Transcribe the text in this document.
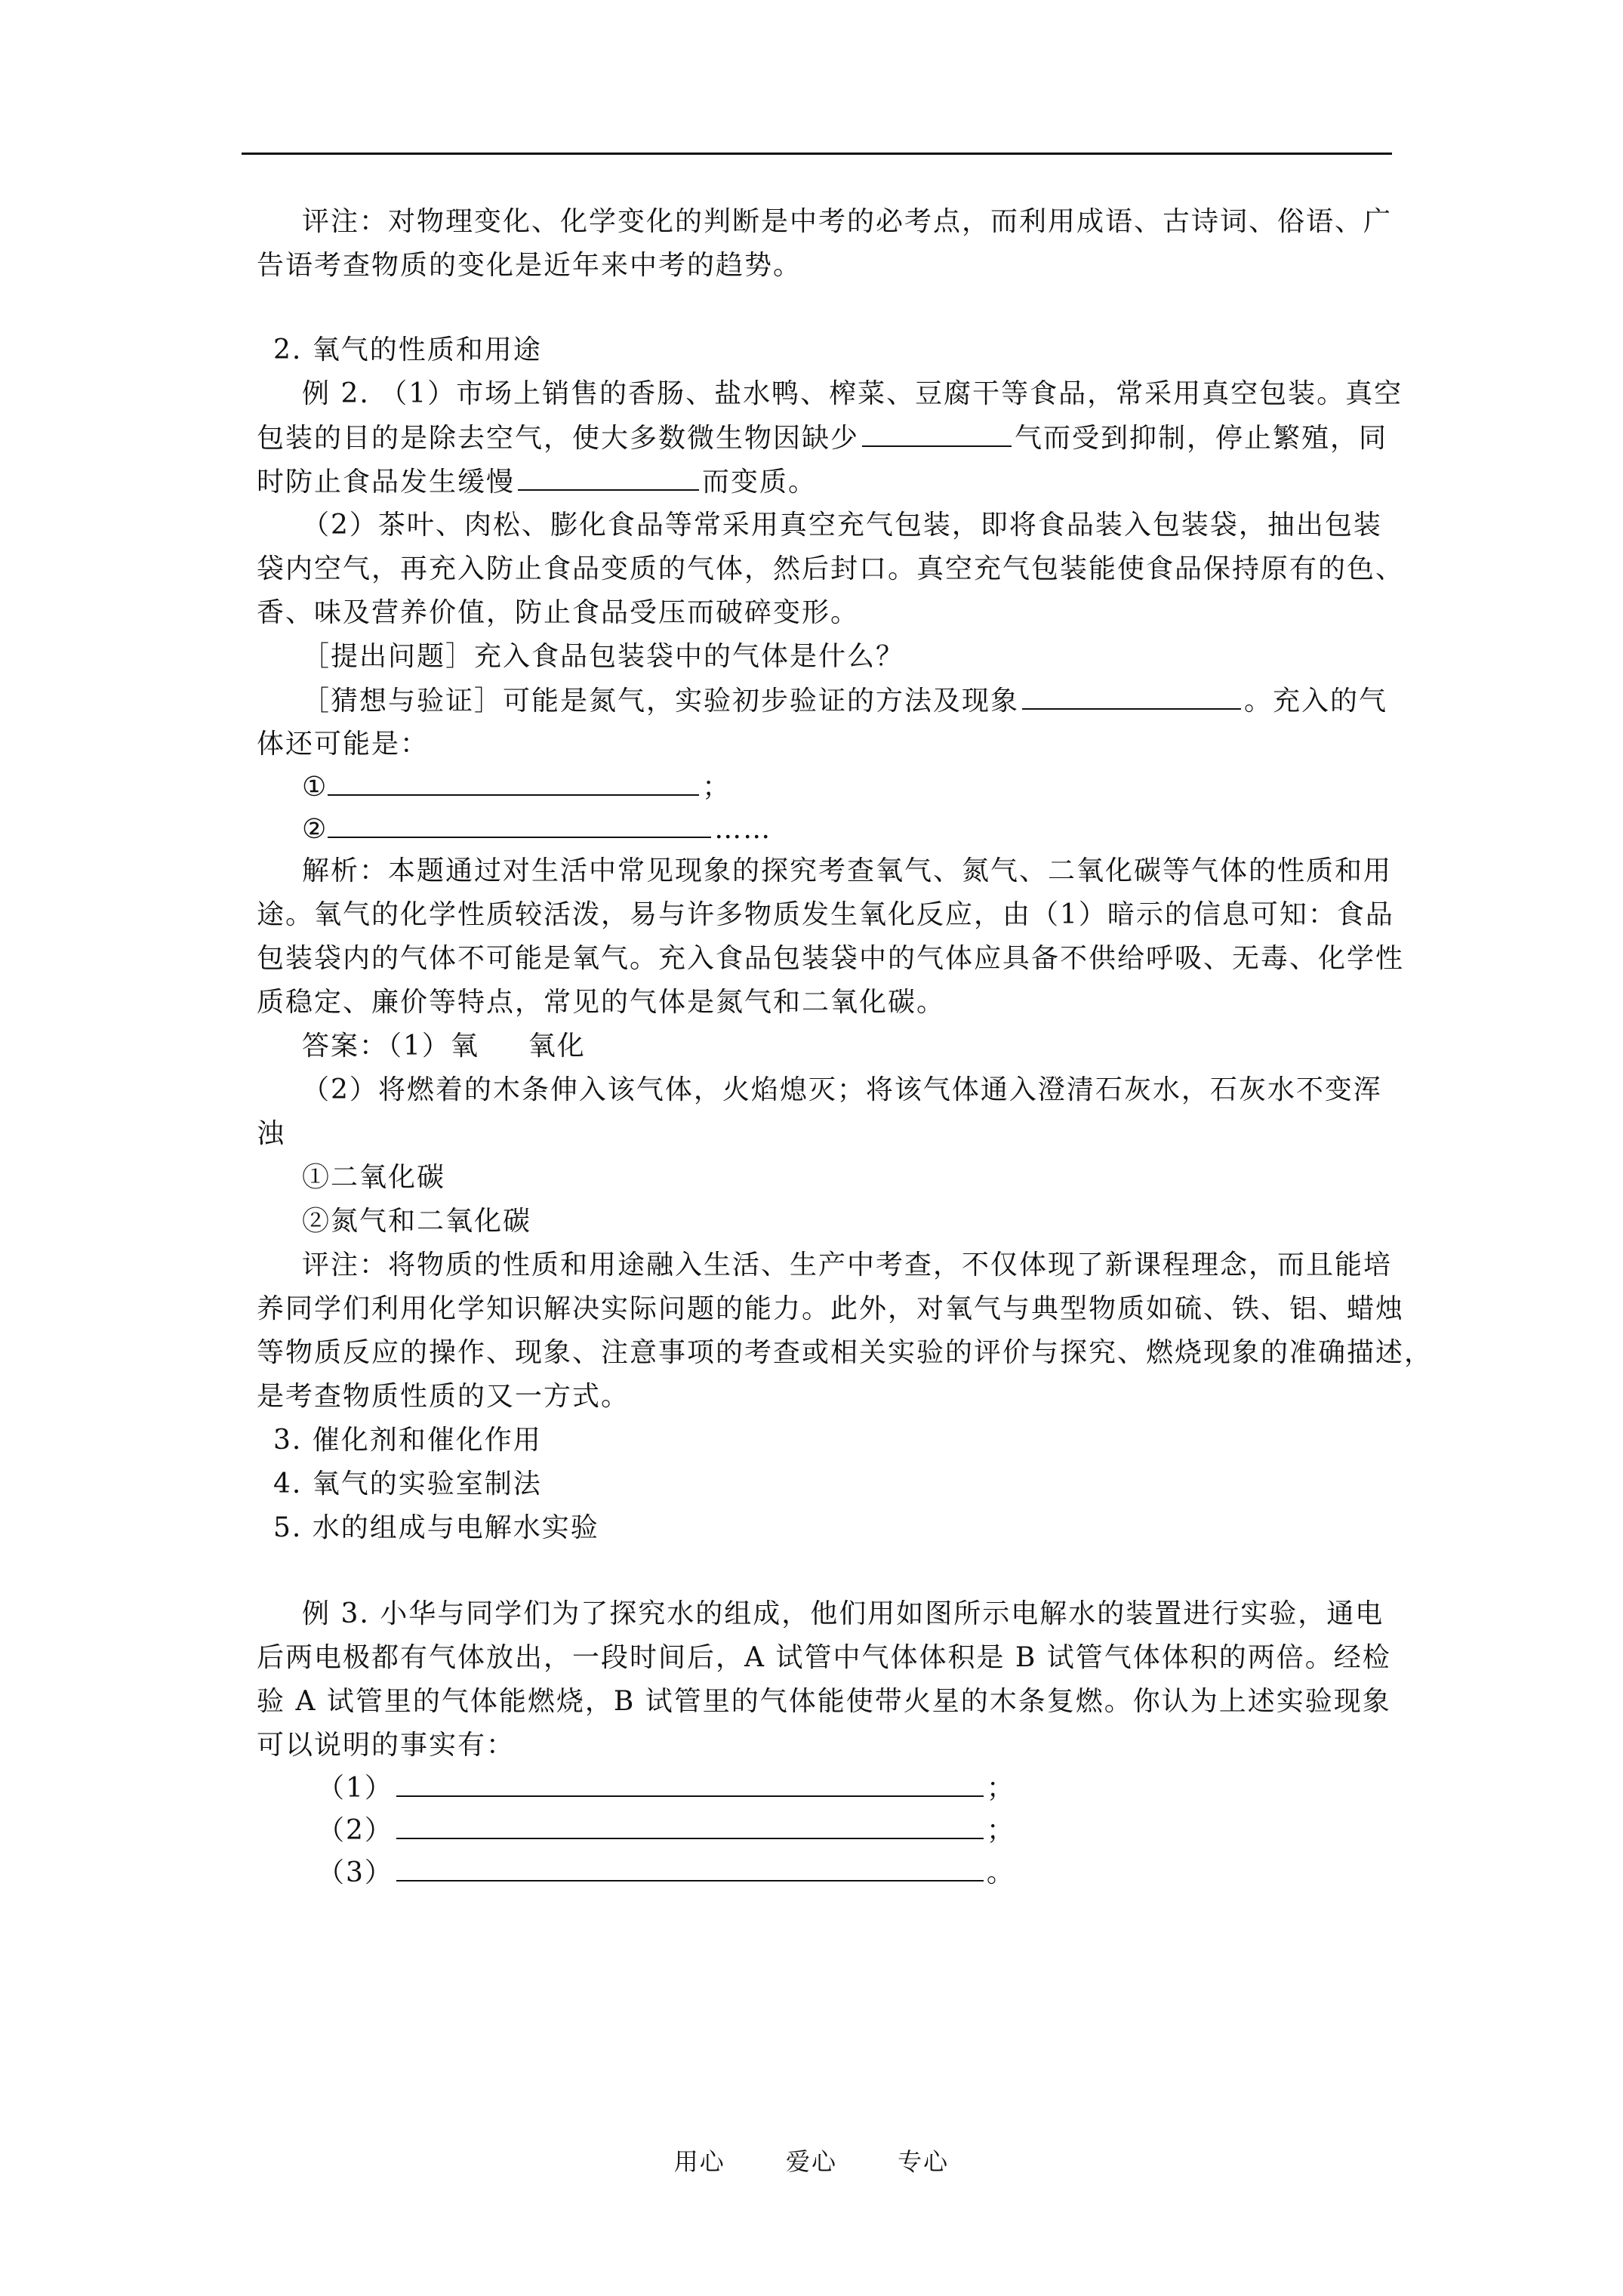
评注：对物理变化、化学变化的判断是中考的必考点，而利用成语、古诗词、俗语、广
告语考查物质的变化是近年来中考的趋势。
2. 氧气的性质和用途
例 2. （1）市场上销售的香肠、盐水鸭、榨菜、豆腐干等食品，常采用真空包装。真空
包装的目的是除去空气，使大多数微生物因缺少	气而受到抑制，停止繁殖，同
时防止食品发生缓慢	而变质。
（2）茶叶、肉松、膨化食品等常采用真空充气包装，即将食品装入包装袋，抽出包装
袋内空气，再充入防止食品变质的气体，然后封口。真空充气包装能使食品保持原有的色、
香、味及营养价值，防止食品受压而破碎变形。
［提出问题］充入食品包装袋中的气体是什么？
［猜想与验证］可能是氮气，实验初步验证的方法及现象	。充入的气
体还可能是：
①	；
②	……
解析：本题通过对生活中常见现象的探究考查氧气、氮气、二氧化碳等气体的性质和用
途。氧气的化学性质较活泼，易与许多物质发生氧化反应，由（1）暗示的信息可知：食品
包装袋内的气体不可能是氧气。充入食品包装袋中的气体应具备不供给呼吸、无毒、化学性
质稳定、廉价等特点，常见的气体是氮气和二氧化碳。
答案：（1）氧 　 氧化
（2）将燃着的木条伸入该气体，火焰熄灭；将该气体通入澄清石灰水，石灰水不变浑
浊
①二氧化碳
②氮气和二氧化碳
评注：将物质的性质和用途融入生活、生产中考查，不仅体现了新课程理念，而且能培
养同学们利用化学知识解决实际问题的能力。此外，对氧气与典型物质如硫、铁、铝、蜡烛
等物质反应的操作、现象、注意事项的考查或相关实验的评价与探究、燃烧现象的准确描述，
是考查物质性质的又一方式。
3. 催化剂和催化作用
4. 氧气的实验室制法
5. 水的组成与电解水实验
例 3. 小华与同学们为了探究水的组成，他们用如图所示电解水的装置进行实验，通电
后两电极都有气体放出，一段时间后，A 试管中气体体积是 B 试管气体体积的两倍。经检
验 A 试管里的气体能燃烧，B 试管里的气体能使带火星的木条复燃。你认为上述实验现象
可以说明的事实有：
（1）	；
（2）	；
（3）	。
用心	爱心	专心
